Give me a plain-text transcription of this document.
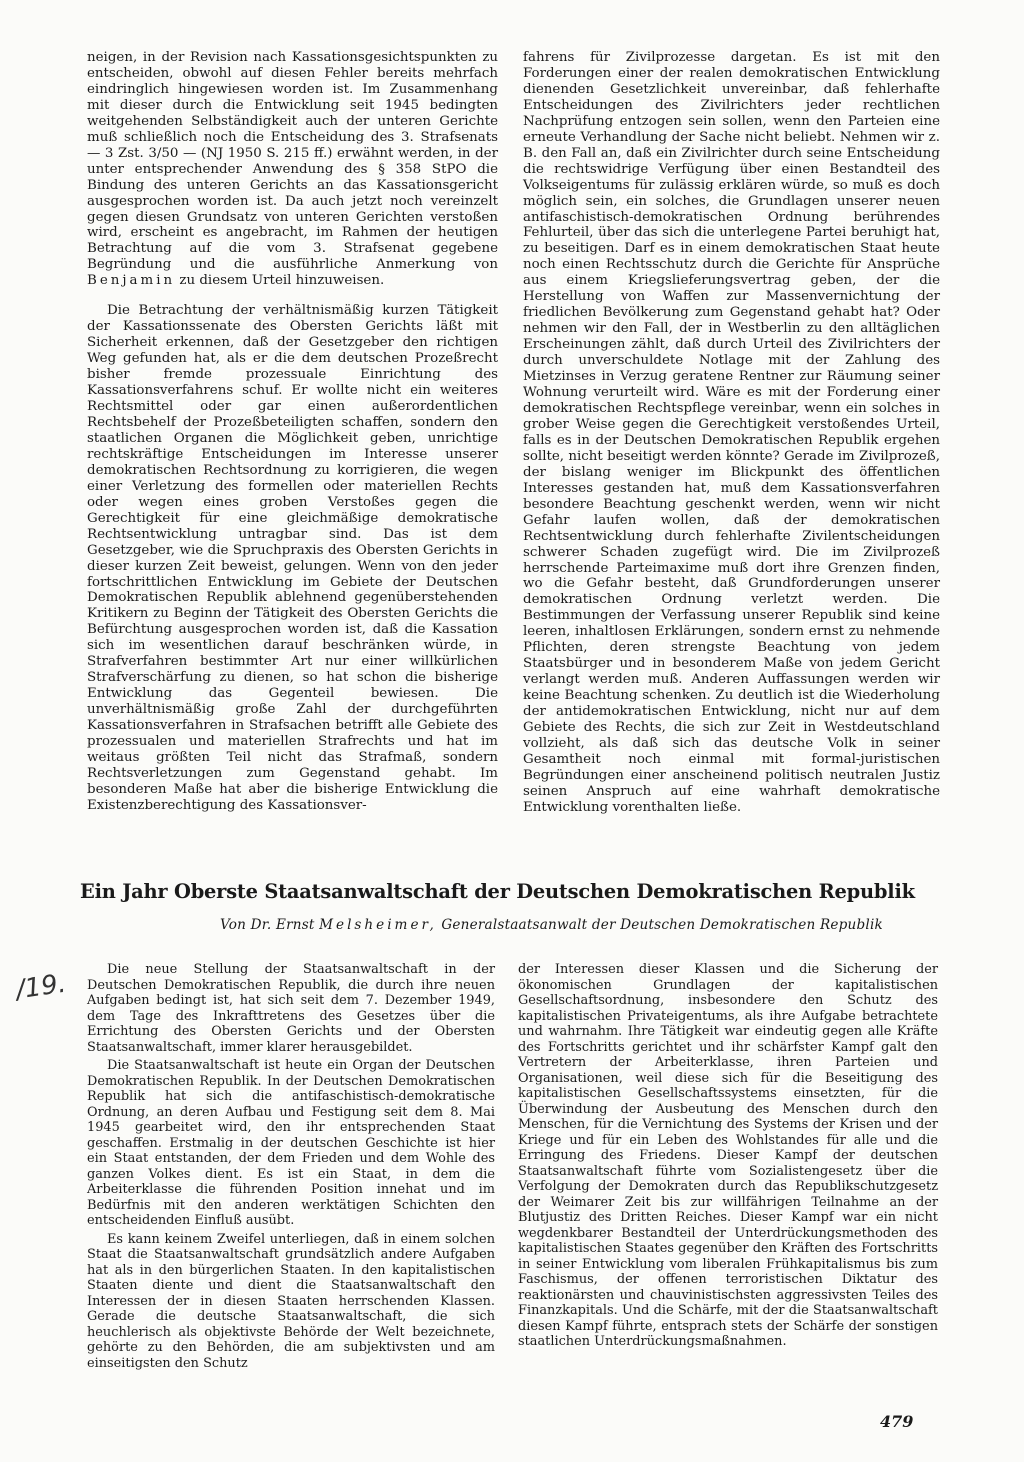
neigen, in der Revision nach Kassationsgesichtspunkten zu entscheiden, obwohl auf diesen Fehler bereits mehrfach eindringlich hingewiesen worden ist. Im Zusammenhang mit dieser durch die Entwicklung seit 1945 bedingten weitgehenden Selbständigkeit auch der unteren Gerichte muß schließlich noch die Entscheidung des 3. Strafsenats — 3 Zst. 3/50 — (NJ 1950 S. 215 ff.) erwähnt werden, in der unter entsprechender Anwendung des § 358 StPO die Bindung des unteren Gerichts an das Kassationsgericht ausgesprochen worden ist. Da auch jetzt noch vereinzelt gegen diesen Grundsatz von unteren Gerichten verstoßen wird, erscheint es angebracht, im Rahmen der heutigen Betrachtung auf die vom 3. Strafsenat gegebene Begründung und die ausführliche Anmerkung von Benjamin zu diesem Urteil hinzuweisen.

Die Betrachtung der verhältnismäßig kurzen Tätigkeit der Kassationssenate des Obersten Gerichts läßt mit Sicherheit erkennen, daß der Gesetzgeber den richtigen Weg gefunden hat, als er die dem deutschen Prozeßrecht bisher fremde prozessuale Einrichtung des Kassationsverfahrens schuf. Er wollte nicht ein weiteres Rechtsmittel oder gar einen außerordentlichen Rechtsbehelf der Prozeßbeteiligten schaffen, sondern den staatlichen Organen die Möglichkeit geben, unrichtige rechtskräftige Entscheidungen im Interesse unserer demokratischen Rechtsordnung zu korrigieren, die wegen einer Verletzung des formellen oder materiellen Rechts oder wegen eines groben Verstoßes gegen die Gerechtigkeit für eine gleichmäßige demokratische Rechtsentwicklung untragbar sind. Das ist dem Gesetzgeber, wie die Spruchpraxis des Obersten Gerichts in dieser kurzen Zeit beweist, gelungen. Wenn von den jeder fortschrittlichen Entwicklung im Gebiete der Deutschen Demokratischen Republik ablehnend gegenüberstehenden Kritikern zu Beginn der Tätigkeit des Obersten Gerichts die Befürchtung ausgesprochen worden ist, daß die Kassation sich im wesentlichen darauf beschränken würde, in Strafverfahren bestimmter Art nur einer willkürlichen Strafverschärfung zu dienen, so hat schon die bisherige Entwicklung das Gegenteil bewiesen. Die unverhältnismäßig große Zahl der durchgeführten Kassationsverfahren in Strafsachen betrifft alle Gebiete des prozessualen und materiellen Strafrechts und hat im weitaus größten Teil nicht das Strafmaß, sondern Rechtsverletzungen zum Gegenstand gehabt. Im besonderen Maße hat aber die bisherige Entwicklung die Existenzberechtigung des Kassationsver-

fahrens für Zivilprozesse dargetan. Es ist mit den Forderungen einer der realen demokratischen Entwicklung dienenden Gesetzlichkeit unvereinbar, daß fehlerhafte Entscheidungen des Zivilrichters jeder rechtlichen Nachprüfung entzogen sein sollen, wenn den Parteien eine erneute Verhandlung der Sache nicht beliebt. Nehmen wir z. B. den Fall an, daß ein Zivilrichter durch seine Entscheidung die rechtswidrige Verfügung über einen Bestandteil des Volkseigentums für zulässig erklären würde, so muß es doch möglich sein, ein solches, die Grundlagen unserer neuen antifaschistisch-demokratischen Ordnung berührendes Fehlurteil, über das sich die unterlegene Partei beruhigt hat, zu beseitigen. Darf es in einem demokratischen Staat heute noch einen Rechtsschutz durch die Gerichte für Ansprüche aus einem Kriegslieferungsvertrag geben, der die Herstellung von Waffen zur Massenvernichtung der friedlichen Bevölkerung zum Gegenstand gehabt hat? Oder nehmen wir den Fall, der in Westberlin zu den alltäglichen Erscheinungen zählt, daß durch Urteil des Zivilrichters der durch unverschuldete Notlage mit der Zahlung des Mietzinses in Verzug geratene Rentner zur Räumung seiner Wohnung verurteilt wird. Wäre es mit der Forderung einer demokratischen Rechtspflege vereinbar, wenn ein solches in grober Weise gegen die Gerechtigkeit verstoßendes Urteil, falls es in der Deutschen Demokratischen Republik ergehen sollte, nicht beseitigt werden könnte? Gerade im Zivilprozeß, der bislang weniger im Blickpunkt des öffentlichen Interesses gestanden hat, muß dem Kassationsverfahren besondere Beachtung geschenkt werden, wenn wir nicht Gefahr laufen wollen, daß der demokratischen Rechtsentwicklung durch fehlerhafte Zivilentscheidungen schwerer Schaden zugefügt wird. Die im Zivilprozeß herrschende Parteimaxime muß dort ihre Grenzen finden, wo die Gefahr besteht, daß Grundforderungen unserer demokratischen Ordnung verletzt werden. Die Bestimmungen der Verfassung unserer Republik sind keine leeren, inhaltlosen Erklärungen, sondern ernst zu nehmende Pflichten, deren strengste Beachtung von jedem Staatsbürger und in besonderem Maße von jedem Gericht verlangt werden muß. Anderen Auffassungen werden wir keine Beachtung schenken. Zu deutlich ist die Wiederholung der antidemokratischen Entwicklung, nicht nur auf dem Gebiete des Rechts, die sich zur Zeit in Westdeutschland vollzieht, als daß sich das deutsche Volk in seiner Gesamtheit noch einmal mit formal-juristischen Begründungen einer anscheinend politisch neutralen Justiz seinen Anspruch auf eine wahrhaft demokratische Entwicklung vorenthalten ließe.

Ein Jahr Oberste Staatsanwaltschaft der Deutschen Demokratischen Republik
Von Dr. Ernst Melsheimer, Generalstaatsanwalt der Deutschen Demokratischen Republik
/19.	Die neue Stellung der Staatsanwaltschaft in der Deutschen Demokratischen Republik, die durch ihre neuen Aufgaben bedingt ist, hat sich seit dem 7. Dezember 1949, dem Tage des Inkrafttretens des Gesetzes über die Errichtung des Obersten Gerichts und der Obersten Staatsanwaltschaft, immer klarer herausgebildet.

Die Staatsanwaltschaft ist heute ein Organ der Deutschen Demokratischen Republik. In der Deutschen Demokratischen Republik hat sich die antifaschistisch-demokratische Ordnung, an deren Aufbau und Festigung seit dem 8. Mai 1945 gearbeitet wird, den ihr entsprechenden Staat geschaffen. Erstmalig in der deutschen Geschichte ist hier ein Staat entstanden, der dem Frieden und dem Wohle des ganzen Volkes dient. Es ist ein Staat, in dem die Arbeiterklasse die führenden Position innehat und im Bedürfnis mit den anderen werktätigen Schichten den entscheidenden Einfluß ausübt.

Es kann keinem Zweifel unterliegen, daß in einem solchen Staat die Staatsanwaltschaft grundsätzlich andere Aufgaben hat als in den bürgerlichen Staaten. In den kapitalistischen Staaten diente und dient die Staatsanwaltschaft den Interessen der in diesen Staaten herrschenden Klassen. Gerade die deutsche Staatsanwaltschaft, die sich heuchlerisch als objektivste Behörde der Welt bezeichnete, gehörte zu den Behörden, die am subjektivsten und am einseitigsten den Schutz

der Interessen dieser Klassen und die Sicherung der ökonomischen Grundlagen der kapitalistischen Gesellschaftsordnung, insbesondere den Schutz des kapitalistischen Privateigentums, als ihre Aufgabe betrachtete und wahrnahm. Ihre Tätigkeit war eindeutig gegen alle Kräfte des Fortschritts gerichtet und ihr schärfster Kampf galt den Vertretern der Arbeiterklasse, ihren Parteien und Organisationen, weil diese sich für die Beseitigung des kapitalistischen Gesellschaftssystems einsetzten, für die Überwindung der Ausbeutung des Menschen durch den Menschen, für die Vernichtung des Systems der Krisen und der Kriege und für ein Leben des Wohlstandes für alle und die Erringung des Friedens. Dieser Kampf der deutschen Staatsanwaltschaft führte vom Sozialistengesetz über die Verfolgung der Demokraten durch das Republikschutzgesetz der Weimarer Zeit bis zur willfährigen Teilnahme an der Blutjustiz des Dritten Reiches. Dieser Kampf war ein nicht wegdenkbarer Bestandteil der Unterdrückungsmethoden des kapitalistischen Staates gegenüber den Kräften des Fortschritts in seiner Entwicklung vom liberalen Frühkapitalismus bis zum Faschismus, der offenen terroristischen Diktatur des reaktionärsten und chauvinistischsten aggressivsten Teiles des Finanzkapitals. Und die Schärfe, mit der die Staatsanwaltschaft diesen Kampf führte, entsprach stets der Schärfe der sonstigen staatlichen Unterdrückungsmaßnahmen.

479
